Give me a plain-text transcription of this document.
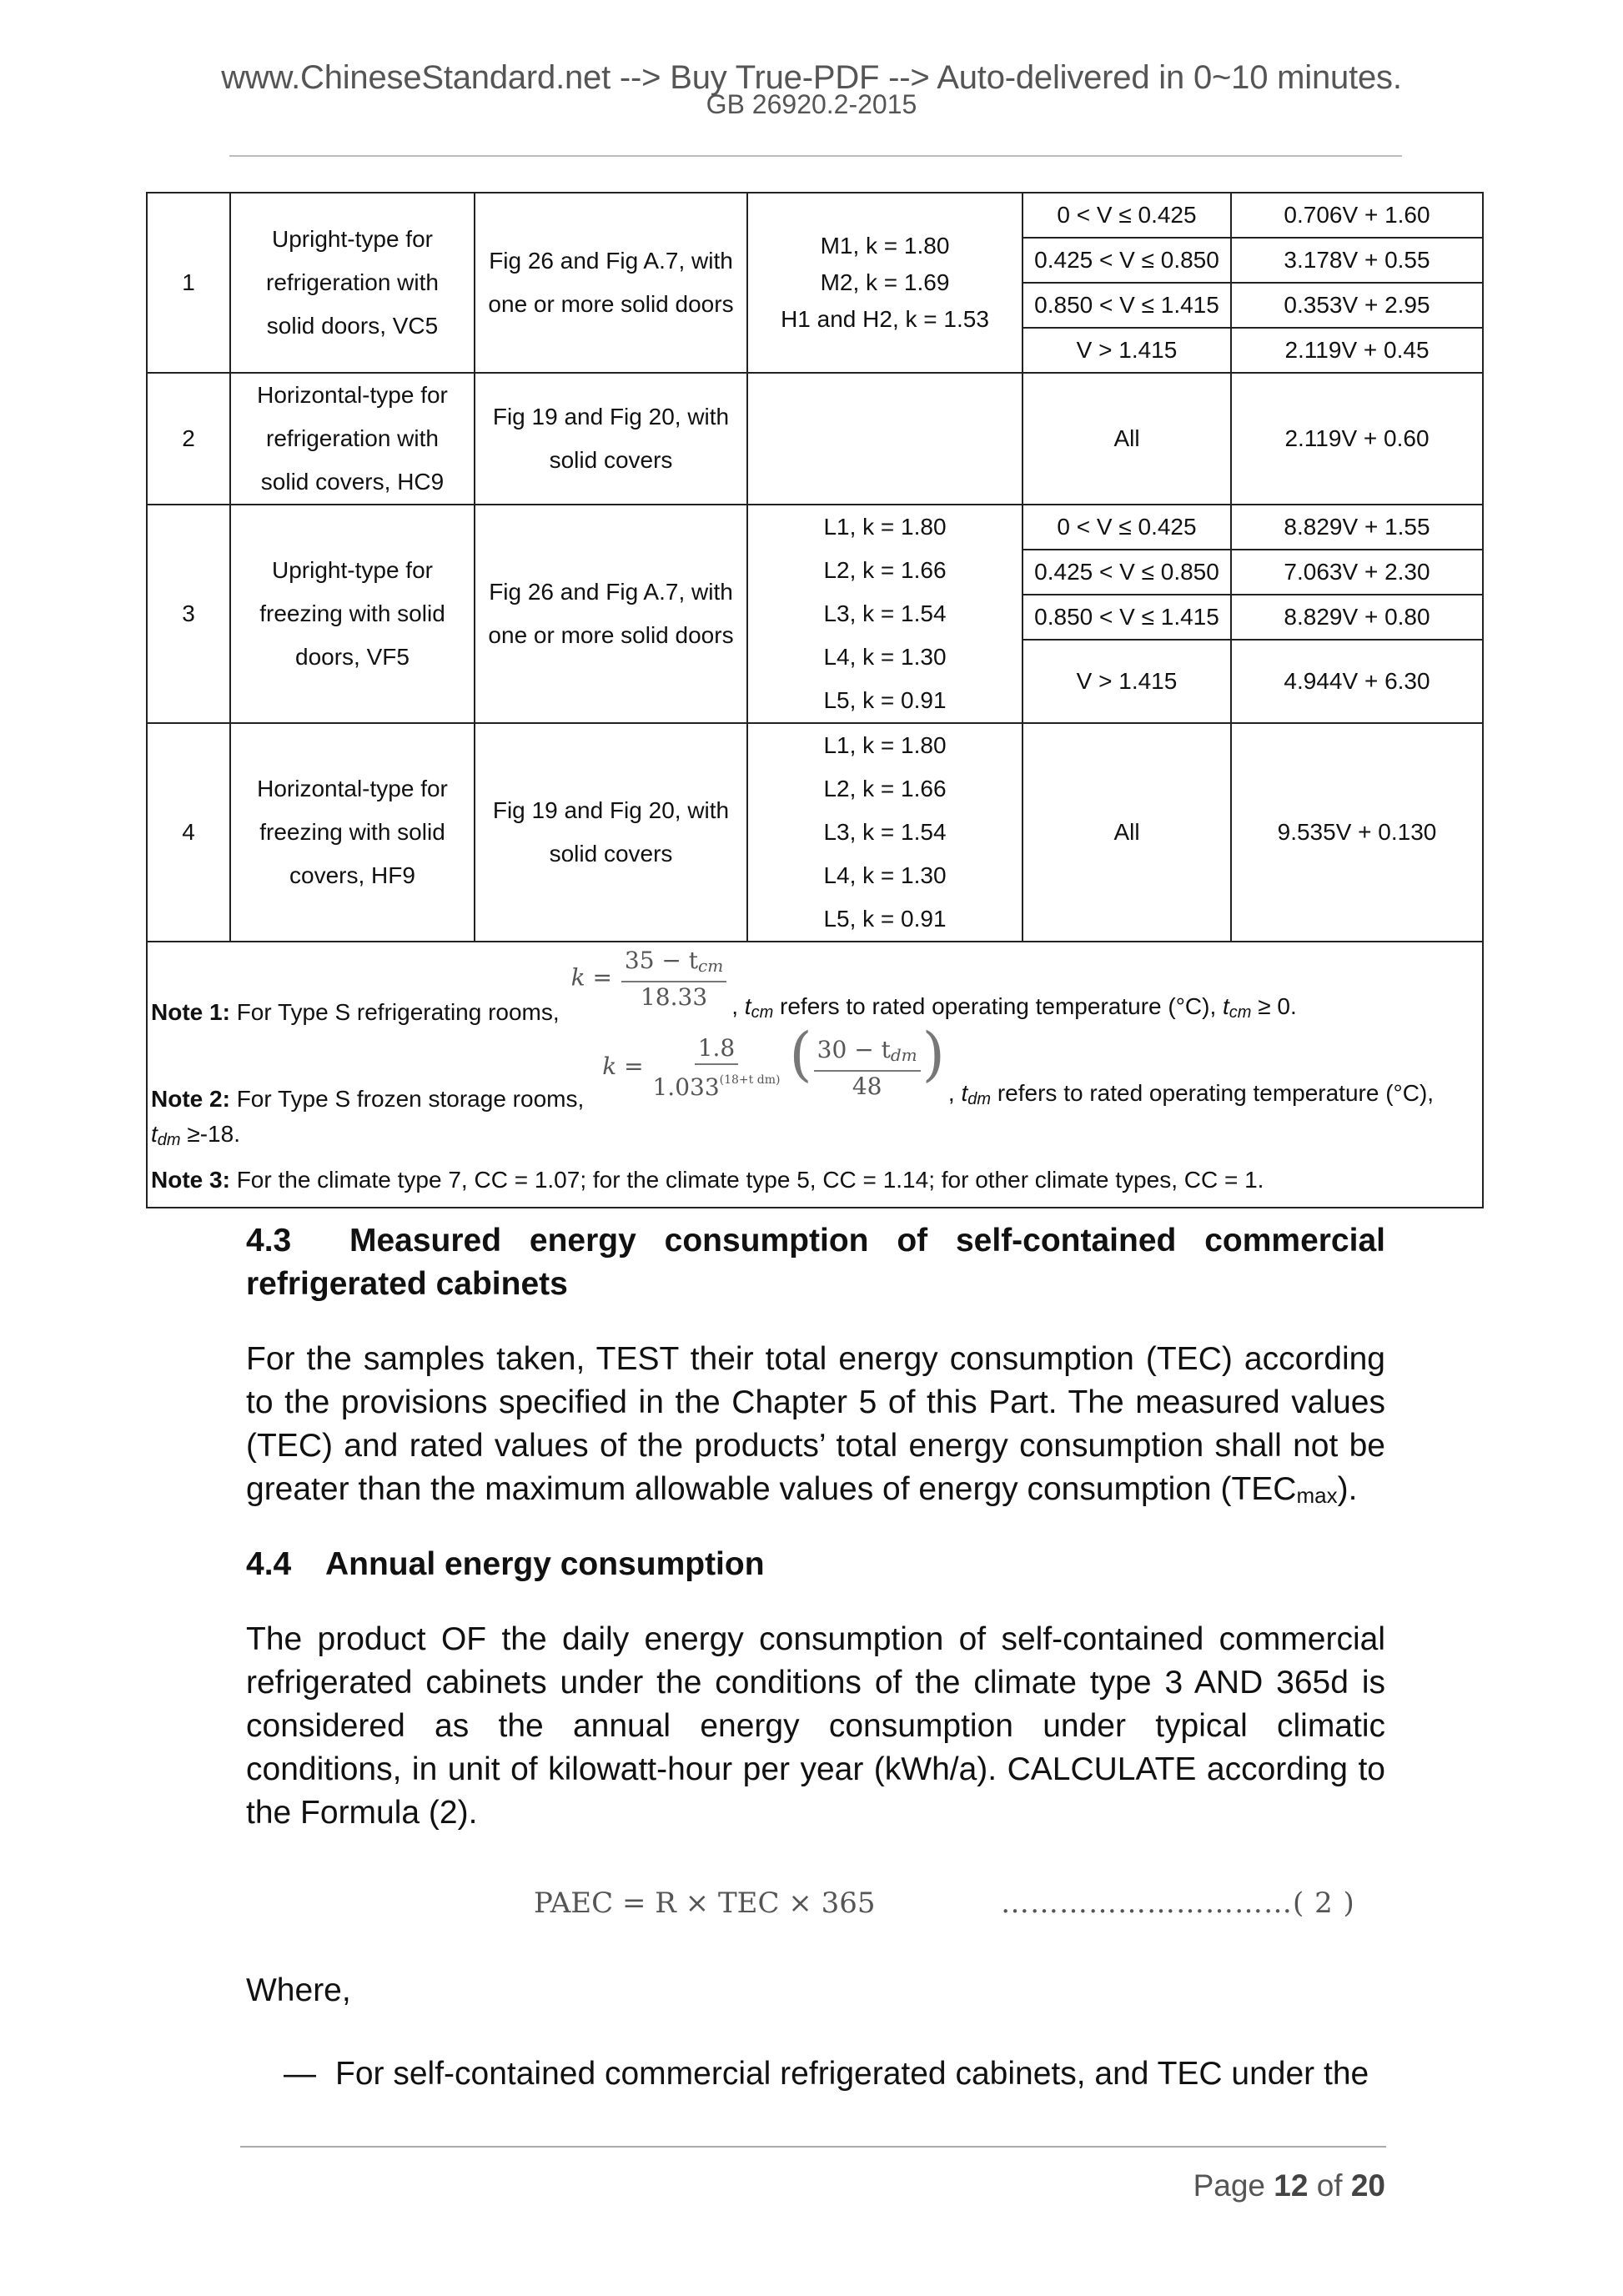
www.ChineseStandard.net --> Buy True-PDF --> Auto-delivered in 0~10 minutes.
GB 26920.2-2015
1	Upright-type for
refrigeration with
solid doors, VC5	Fig 26 and Fig A.7, with
one or more solid doors	M1, k = 1.80
M2, k = 1.69
H1 and H2, k = 1.53	0 < V ≤ 0.425	0.706V + 1.60
				0.425 < V ≤ 0.850	3.178V + 0.55
				0.850 < V ≤ 1.415	0.353V + 2.95
				V > 1.415	2.119V + 0.45
2	Horizontal-type for
refrigeration with
solid covers, HC9	Fig 19 and Fig 20, with
solid covers		All	2.119V + 0.60
3	Upright-type for
freezing with solid
doors, VF5	Fig 26 and Fig A.7, with
one or more solid doors	L1, k = 1.80
L2, k = 1.66
L3, k = 1.54
L4, k = 1.30
L5, k = 0.91	0 < V ≤ 0.425	8.829V + 1.55
				0.425 < V ≤ 0.850	7.063V + 2.30
				0.850 < V ≤ 1.415	8.829V + 0.80
				V > 1.415	4.944V + 6.30
4	Horizontal-type for
freezing with solid
covers, HF9	Fig 19 and Fig 20, with
solid covers	L1, k = 1.80
L2, k = 1.66
L3, k = 1.54
L4, k = 1.30
L5, k = 0.91	All	9.535V + 0.130

Note 1:
For Type S refrigerating rooms,
$k = \frac{35 - t_{cm}}{18.33}$ , $t_{cm}$ refers to rated operating temperature (°C), $t_{cm} \ge 0$.
Note 2:
For Type S frozen storage rooms,
$k = \frac{1.8}{1.033^{(18+t dm)}}$ ( $\frac{30 - t_{dm}}{48}$ )
, $t_{dm}$ refers to rated operating temperature (°C),
$t_{dm} \ge-18$.
Note 3: For the climate type 7, CC = 1.07; for the climate type 5, CC = 1.14; for other climate types, CC = 1.
4.3 Measured energy consumption of self-contained commercial
refrigerated cabinets
For the samples taken, TEST their total energy consumption (TEC) according to the provisions specified in the Chapter 5 of this Part. The measured values (TEC) and rated values of the products’ total energy consumption shall not be greater than the maximum allowable values of energy consumption (TECmax).
4.4 Annual energy consumption
The product OF the daily energy consumption of self-contained commercial refrigerated cabinets under the conditions of the climate type 3 AND 365d is considered as the annual energy consumption under typical climatic conditions, in unit of kilowatt-hour per year (kWh/a). CALCULATE according to the Formula (2).
PAEC = R × TEC × 365	…………………………( 2 )
Where,
— For self-contained commercial refrigerated cabinets, and TEC under the
Page 12 of 20
